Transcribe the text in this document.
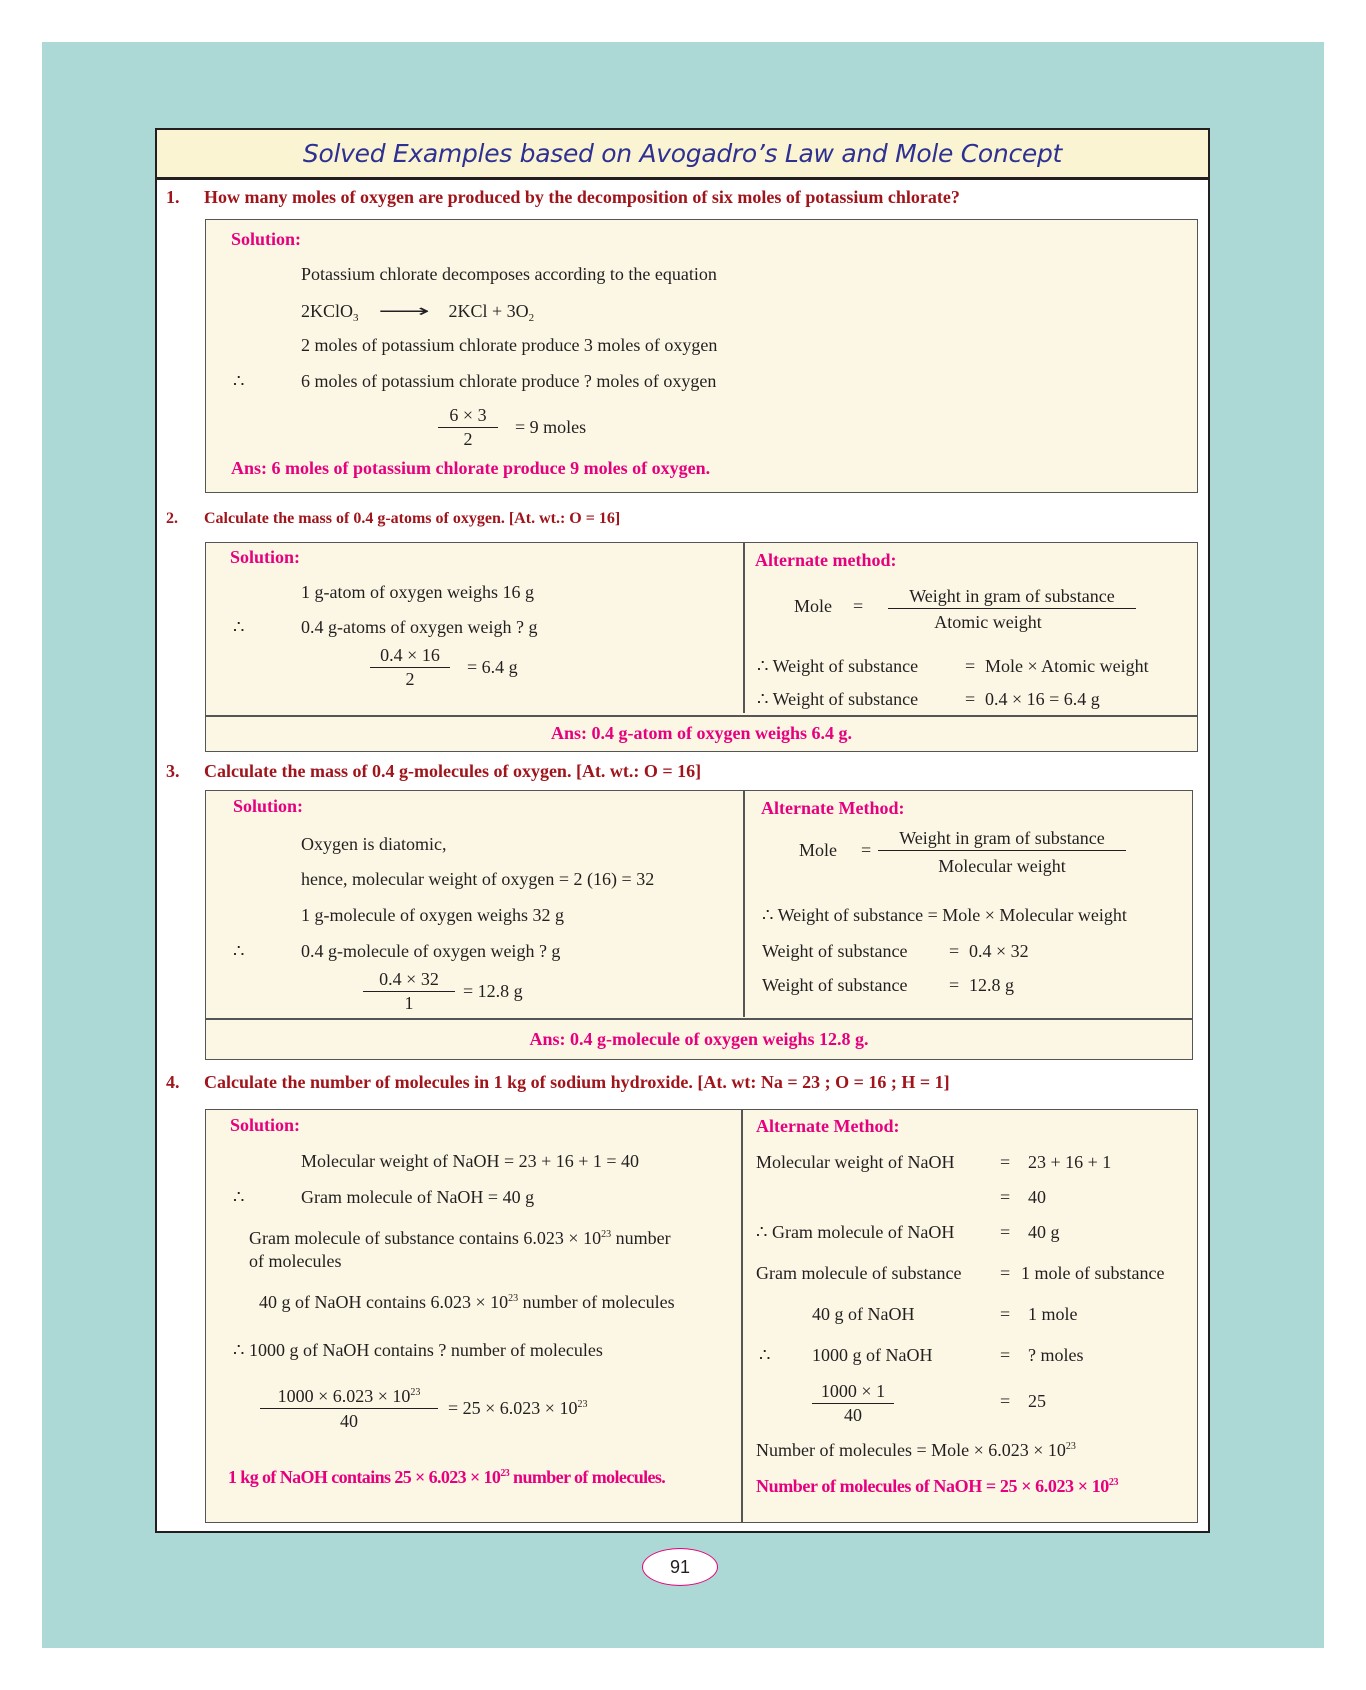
Solved Examples based on Avogadro’s Law and Mole Concept
1. How many moles of oxygen are produced by the decomposition of six moles of potassium chlorate?
Solution:
Potassium chlorate decomposes according to the equation
2KClO$_3$ ⟶ $2KCl + 3O_2$
2 moles of potassium chlorate produce 3 moles of oxygen
∴	6 moles of potassium chlorate produce ? moles of oxygen
6 × 3
2
= 9 moles
Ans: 6 moles of potassium chlorate produce 9 moles of oxygen.
2. Calculate the mass of 0.4 g-atoms of oxygen. [At. wt.: O = 16]
Solution:
1 g-atom of oxygen weighs 16 g
∴	0.4 g-atoms of oxygen weigh ? g
0.4 × 16
2
= 6.4 g
Alternate method:
Mole =	Weight in gram of substance
Atomic weight
∴ Weight of substance	= Mole × Atomic weight
∴ Weight of substance	= 0.4 × 16 = 6.4 g
Ans: 0.4 g-atom of oxygen weighs 6.4 g.
3. Calculate the mass of 0.4 g-molecules of oxygen. [At. wt.: O = 16]
Solution:
Oxygen is diatomic,
hence, molecular weight of oxygen = 2 (16) = 32
1 g-molecule of oxygen weighs 32 g
∴	0.4 g-molecule of oxygen weigh ? g
0.4 × 32
1
= 12.8 g
Alternate Method:
Mole =
Weight in gram of substance
Molecular weight
∴ Weight of substance = Mole × Molecular weight
Weight of substance = 0.4 × 32
Weight of substance = 12.8 g
Ans: 0.4 g-molecule of oxygen weighs 12.8 g.
4. Calculate the number of molecules in 1 kg of sodium hydroxide. [At. wt: Na = 23 ; O = 16 ; H = 1]
Solution:
Molecular weight of NaOH = 23 + 16 + 1 = 40
∴	Gram molecule of NaOH = 40 g
Gram molecule of substance contains $6.023 \times 10^{23}$ number
of molecules
40 g of NaOH contains $6.023 \times 10^{23}$ number of molecules
∴ 1000 g of NaOH contains ? number of molecules
$1000 \times 6.023 \times 10^{23}$
40
= $25 \times 6.023 \times 10^{23}$
1 kg of NaOH contains $25 \times 6.023 \times 10^{23}$ number of molecules.
Alternate Method:
Molecular weight of NaOH	= 23 + 16 + 1
= 40
∴ Gram molecule of NaOH	= 40 g
Gram molecule of substance = 1 mole of substance
40 g of NaOH	= 1 mole
∴ 1000 g of NaOH	= ? moles
1000 × 1
40
= 25
Number of molecules = Mole × $6.023 \times 10^{23}$
Number of molecules of NaOH = $25 \times 6.023 \times 10^{23}$
91
